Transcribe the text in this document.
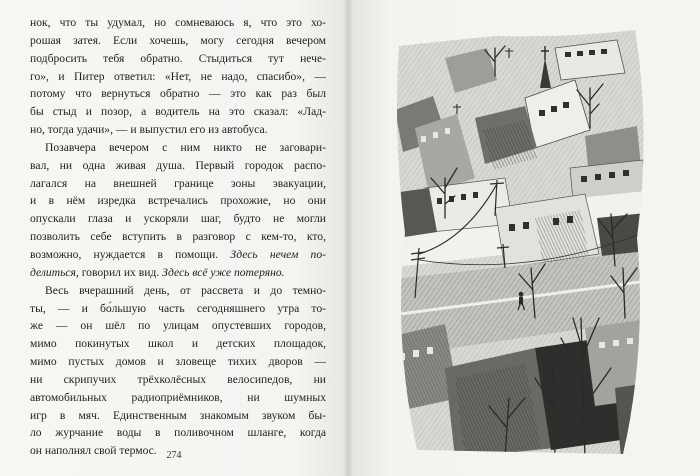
нок, что ты удумал, но сомневаюсь я, что это хо-
рошая затея. Если хочешь, могу сегодня вечером
подбросить тебя обратно. Стыдиться тут нече-
го», и Питер ответил: «Нет, не надо, спасибо», —
потому что вернуться обратно — это как раз был
бы стыд и позор, а водитель на это сказал: «Лад-
но, тогда удачи», — и выпустил его из автобуса.
Позавчера вечером с ним никто не заговари-
вал, ни одна живая душа. Первый городок распо-
лагался на внешней границе зоны эвакуации,
и в нём изредка встречались прохожие, но они
опускали глаза и ускоряли шаг, будто не могли
позволить себе вступить в разговор с кем-то, кто,
возможно, нуждается в помощи. Здесь нечем по-
делиться, говорил их вид. Здесь всё уже потеряно.
Весь вчерашний день, от рассвета и до темно-
ты, — и бо́льшую часть сегодняшнего утра то-
же — он шёл по улицам опустевших городов,
мимо покинутых школ и детских площадок,
мимо пустых домов и зловеще тихих дворов —
ни скрипучих трёхколёсных велосипедов, ни
автомобильных радиоприёмников, ни шумных
игр в мяч. Единственным знакомым звуком бы-
ло журчание воды в поливочном шланге, когда
он наполнял свой термос. 274
